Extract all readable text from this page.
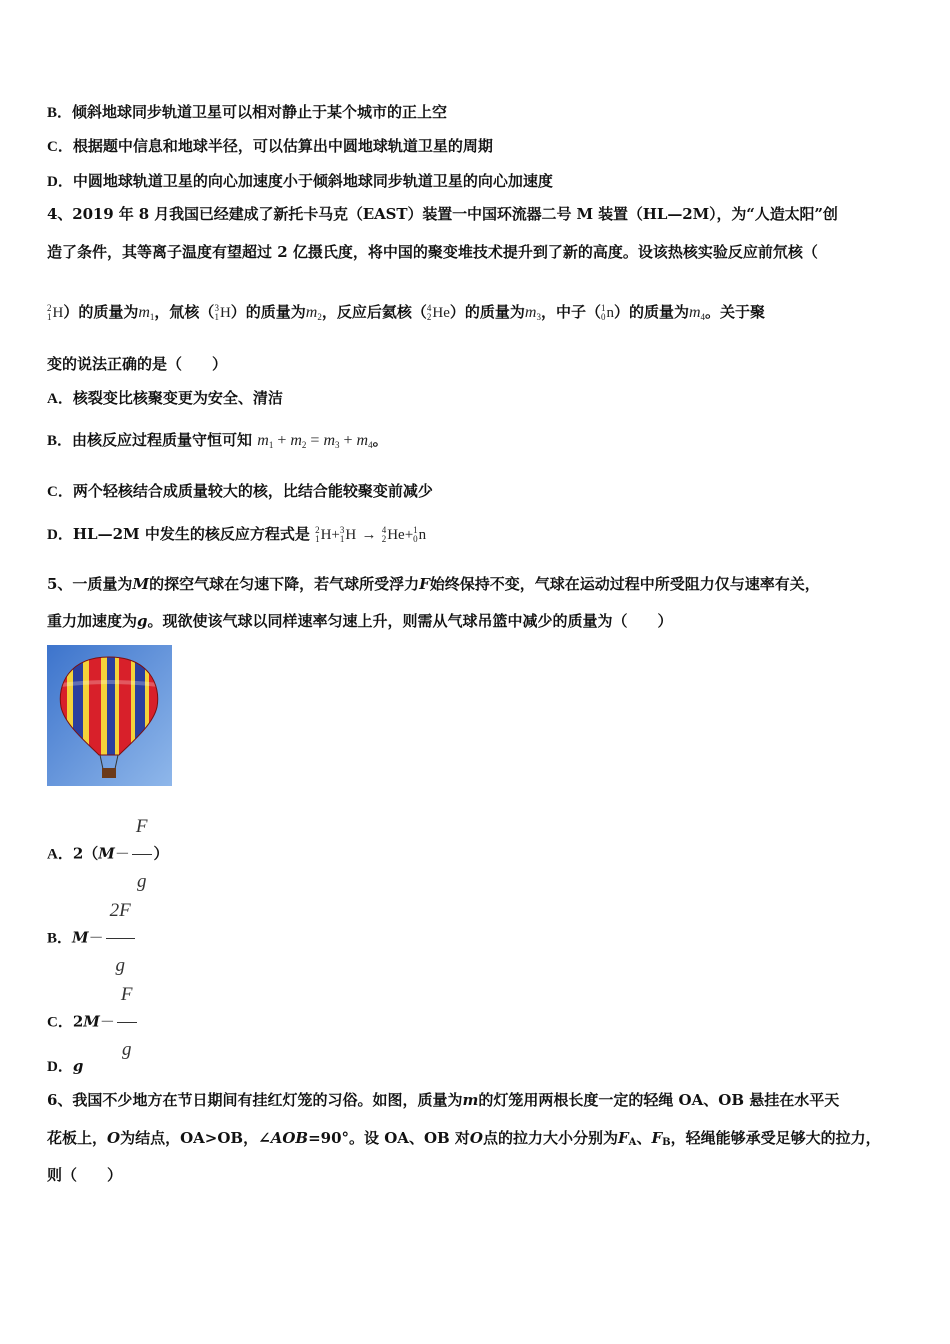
B．倾斜地球同步轨道卫星可以相对静止于某个城市的正上空
C．根据题中信息和地球半径，可以估算出中圆地球轨道卫星的周期
D．中圆地球轨道卫星的向心加速度小于倾斜地球同步轨道卫星的向心加速度
4、2019 年 8 月我国已经建成了新托卡马克（EAST）装置一中国环流器二号 M 装置（HL—2M），为“人造太阳”创
造了条件，其等离子温度有望超过 2 亿摄氏度，将中国的聚变堆技术提升到了新的高度。设该热核实验反应前氘核（
2
1 H ）的质量为m1，氚核（ 3
1 H ）的质量为m2，反应后氦核（ 4
2 He ）的质量为m3，中子（ 1
0 n ）的质量为m4。关于聚
变的说法正确的是（　　）
A．核裂变比核聚变更为安全、清洁
B．由核反应过程质量守恒可知 m1 + m2 = m3 + m4。
C．两个轻核结合成质量较大的核，比结合能较聚变前减少
D．HL—2M 中发生的核反应方程式是 2
1 H + 3
1 H → 4
2 He + 1
0 n
5、一质量为M的探空气球在匀速下降，若气球所受浮力F始终保持不变，气球在运动过程中所受阻力仅与速率有关，
重力加速度为g。现欲使该气球以同样速率匀速上升，则需从气球吊篮中减少的质量为（　　）
A．$2(M- \frac{F}{g}$ ）
B．$M- \frac{2F}{g}$
C．$2M- \frac{F}{g}$
D．g
6、我国不少地方在节日期间有挂红灯笼的习俗。如图，质量为m的灯笼用两根长度一定的轻绳 OA、OB 悬挂在水平天
花板上，O为结点，OA>OB，∠AOB=90°。设 OA、OB 对O点的拉力大小分别为$F_A$、$F_B$，轻绳能够承受足够大的拉力，
则（　　）
